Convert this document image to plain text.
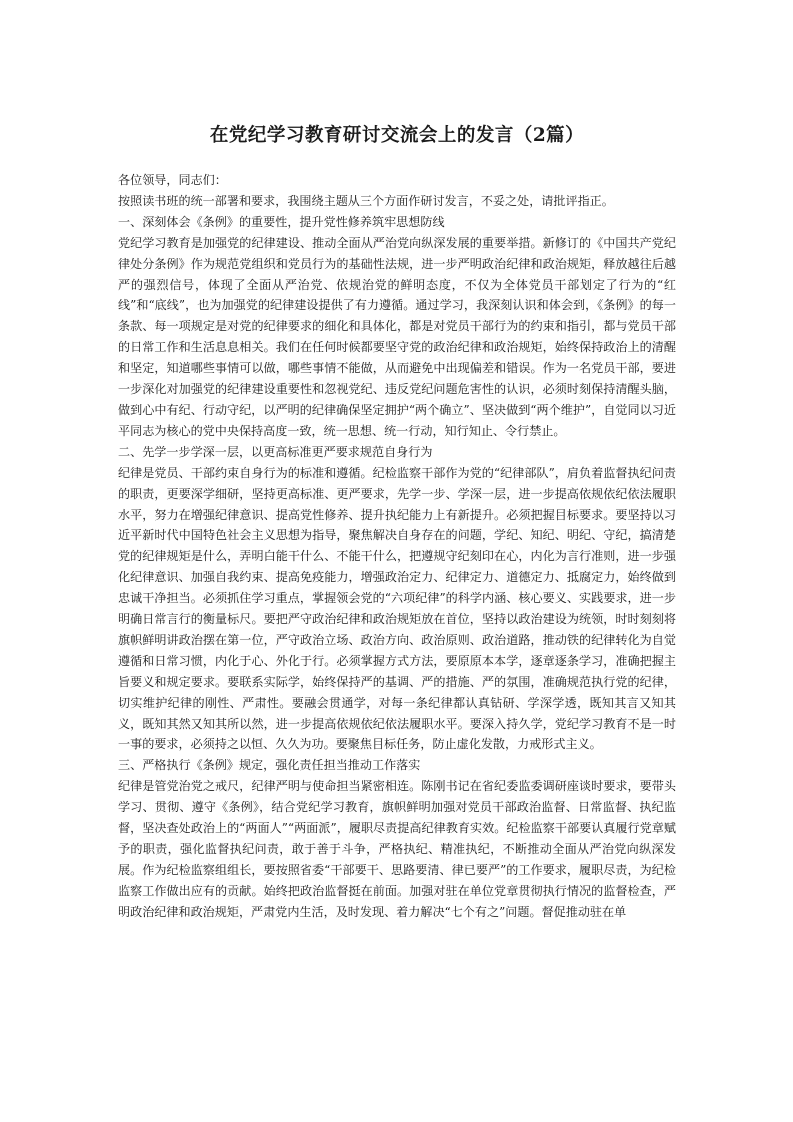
在党纪学习教育研讨交流会上的发言（2篇）

各位领导，同志们：

按照读书班的统一部署和要求，我围绕主题从三个方面作研讨发言，不妥之处，请批评指正。

一、深刻体会《条例》的重要性，提升党性修养筑牢思想防线

党纪学习教育是加强党的纪律建设、推动全面从严治党向纵深发展的重要举措。新修订的《中国共产党纪律处分条例》作为规范党组织和党员行为的基础性法规，进一步严明政治纪律和政治规矩，释放越往后越严的强烈信号，体现了全面从严治党、依规治党的鲜明态度，不仅为全体党员干部划定了行为的“红线”和“底线”，也为加强党的纪律建设提供了有力遵循。通过学习，我深刻认识和体会到，《条例》的每一条款、每一项规定是对党的纪律要求的细化和具体化，都是对党员干部行为的约束和指引，都与党员干部的日常工作和生活息息相关。我们在任何时候都要坚守党的政治纪律和政治规矩，始终保持政治上的清醒和坚定，知道哪些事情可以做，哪些事情不能做，从而避免中出现偏差和错误。作为一名党员干部，要进一步深化对加强党的纪律建设重要性和忽视党纪、违反党纪问题危害性的认识，必须时刻保持清醒头脑，做到心中有纪、行动守纪，以严明的纪律确保坚定拥护“两个确立”、坚决做到“两个维护”，自觉同以习近平同志为核心的党中央保持高度一致，统一思想、统一行动，知行知止、令行禁止。

二、先学一步学深一层，以更高标准更严要求规范自身行为

纪律是党员、干部约束自身行为的标准和遵循。纪检监察干部作为党的“纪律部队”，肩负着监督执纪问责的职责，更要深学细研，坚持更高标准、更严要求，先学一步、学深一层，进一步提高依规依纪依法履职水平，努力在增强纪律意识、提高党性修养、提升执纪能力上有新提升。必须把握目标要求。要坚持以习近平新时代中国特色社会主义思想为指导，聚焦解决自身存在的问题，学纪、知纪、明纪、守纪，搞清楚党的纪律规矩是什么，弄明白能干什么、不能干什么，把遵规守纪刻印在心，内化为言行准则，进一步强化纪律意识、加强自我约束、提高免疫能力，增强政治定力、纪律定力、道德定力、抵腐定力，始终做到忠诚干净担当。必须抓住学习重点，掌握领会党的“六项纪律”的科学内涵、核心要义、实践要求，进一步明确日常言行的衡量标尺。要把严守政治纪律和政治规矩放在首位，坚持以政治建设为统领，时时刻刻将旗帜鲜明讲政治摆在第一位，严守政治立场、政治方向、政治原则、政治道路，推动铁的纪律转化为自觉遵循和日常习惯，内化于心、外化于行。必须掌握方式方法，要原原本本学，逐章逐条学习，准确把握主旨要义和规定要求。要联系实际学，始终保持严的基调、严的措施、严的氛围，准确规范执行党的纪律，切实维护纪律的刚性、严肃性。要融会贯通学，对每一条纪律都认真钻研、学深学透，既知其言又知其义，既知其然又知其所以然，进一步提高依规依纪依法履职水平。要深入持久学，党纪学习教育不是一时一事的要求，必须持之以恒、久久为功。要聚焦目标任务，防止虚化发散，力戒形式主义。

三、严格执行《条例》规定，强化责任担当推动工作落实

纪律是管党治党之戒尺，纪律严明与使命担当紧密相连。陈刚书记在省纪委监委调研座谈时要求，要带头学习、贯彻、遵守《条例》，结合党纪学习教育，旗帜鲜明加强对党员干部政治监督、日常监督、执纪监督，坚决查处政治上的“两面人”“两面派”，履职尽责提高纪律教育实效。纪检监察干部要认真履行党章赋予的职责，强化监督执纪问责，敢于善于斗争，严格执纪、精准执纪，不断推动全面从严治党向纵深发展。作为纪检监察组组长，要按照省委“干部要干、思路要清、律已要严”的工作要求，履职尽责，为纪检监察工作做出应有的贡献。始终把政治监督挺在前面。加强对驻在单位党章贯彻执行情况的监督检查，严明政治纪律和政治规矩，严肃党内生活，及时发现、着力解决“七个有之”问题。督促推动驻在单
